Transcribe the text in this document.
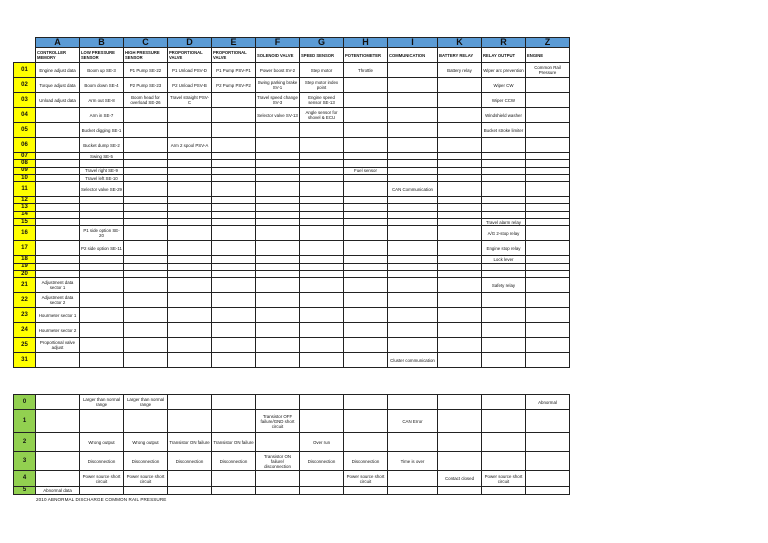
	A	B	C	D	E	F	G	H	I	K	R	Z
	CONTROLLER MEMORY	LOW PRESSURE SENSOR	HIGH PRESSURE SENSOR	PROPORTIONAL VALVE	PROPORTIONAL VALVE	SOLENOID VALVE	SPEED SENSOR	POTENTIOMETER	COMMUNICATION	BATTERY RELAY	RELAY OUTPUT	ENGINE
01	Engine adjust data	Boom up SE-3	P1 Pump SE-22	P1 Unload PSV-D	P1 Pump PSV-P1	Power boost SV-2	Step motor	Throttle		Battery relay	Wiper arc prevention	Common Rail Pressure
02	Torque adjust data	Boom down SE-4	P2 Pump SE-23	P2 Unload PSV-B	P2 Pump PSV-P2	Swing parking brake SV-1	Step motor index point				Wiper CW	
03	Unload adjust data	Arm out SE-8	Boom head for overload SE-26	Travel straight PSV-C		Travel speed change SV-3	Engine speed sensor SE-13				Wiper CCW	
04		Arm in SE-7				Selector valve SV-13	Angle sensor for shovel & ECU				Windshield washer	
05		Bucket digging SE-1									Bucket stroke limiter	
06		Bucket dump SE-2		Arm 2 spool PSV-A								
07		Swing SE-5										
08												
09		Travel right SE-9						Fuel sensor				
10		Travel left SE-10										
11		Selector valve SE-29							CAN Communication			
12												
13												
14												
15											Travel alarm relay	
16		P1 side option SE-20									A/G 2-stop relay	
17		P2 side option SE-11									Engine stop relay	
18											Lock lever	
19												
20												
21	Adjustment data sector 1										Safety relay	
22	Adjustment data sector 2											
23	Hourmeter sector 1											
24	Hourmeter sector 2											
25	Proportional valve adjust											
31									Cluster communication			
0		Larger than normal range	Larger than normal range									Abnormal
1						Transistor OFF failure/GND short circuit			CAN Error			
2		Wrong output	Wrong output	Transistor ON failure	Transistor ON failure		Over run					
3		Disconnection	Disconnection	Disconnection	Disconnection	Transistor ON failure/ disconnection	Disconnection	Disconnection	Time is over			
4		Power source short circuit	Power source short circuit					Power source short circuit		Contact closed	Power source short circuit	
5	Abnormal data											
2010 ABNORMAL DISCHARGE COMMON RAIL PRESSURE
